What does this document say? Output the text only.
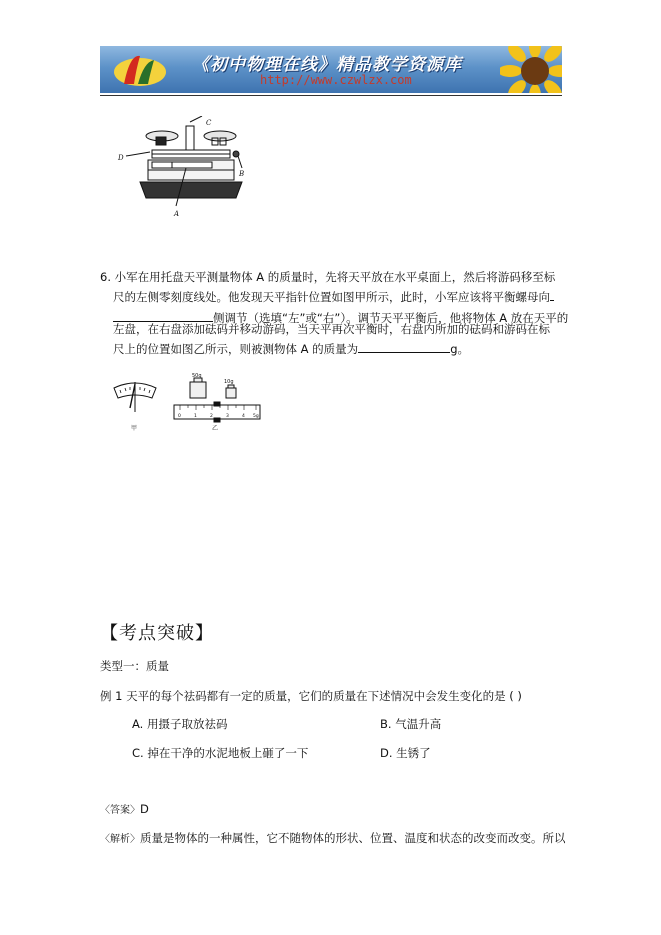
《初中物理在线》精品教学资源库
http://www.czwlzx.com
C
D
B
A
6. 小军在用托盘天平测量物体 A 的质量时，先将天平放在水平桌面上，然后将游码移至标
尺的左侧零刻度线处。他发现天平指针位置如图甲所示，此时，小军应该将平衡螺母向
侧调节（选填“左”或“右”）。调节天平平衡后，他将物体 A 放在天平的
左盘，在右盘添加砝码并移动游码，当天平再次平衡时，右盘内所加的砝码和游码在标
尺上的位置如图乙所示，则被测物体 A 的质量为	g。
甲
50g
10g
0	1	2	3	4 5g
乙
【考点突破】
类型一：质量
例 1 天平的每个祛码都有一定的质量，它们的质量在下述情况中会发生变化的是 ( )
A. 用摄子取放祛码	B. 气温升高
C. 掉在干净的水泥地板上砸了一下	D. 生锈了
〈答案〉D
〈解析〉质量是物体的一种属性，它不随物体的形状、位置、温度和状态的改变而改变。所以
